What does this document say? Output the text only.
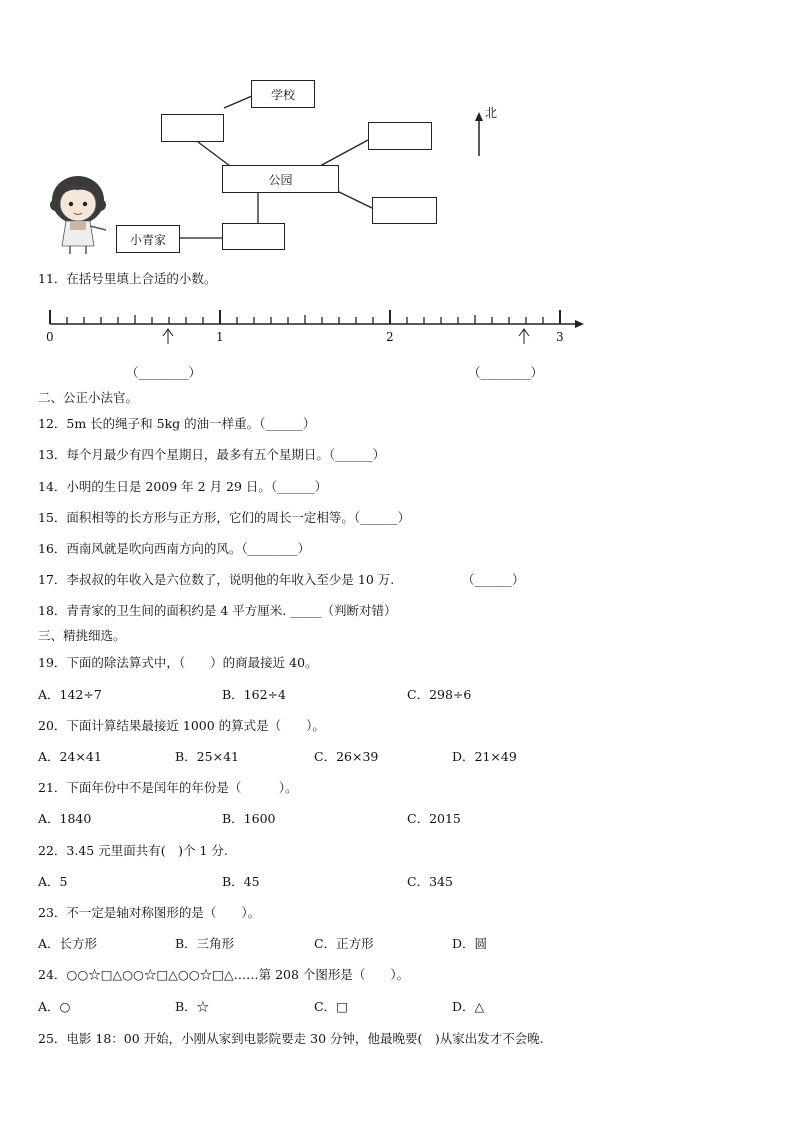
学校
公园
小青家
北
11．在括号里填上合适的小数。
0	1	2	3
（________）	（________）
二、公正小法官。
12．5m 长的绳子和 5kg 的油一样重。（______）
13．每个月最少有四个星期日，最多有五个星期日。（______）
14．小明的生日是 2009 年 2 月 29 日。（______）
15．面积相等的长方形与正方形，它们的周长一定相等。（______）
16．西南风就是吹向西南方向的风。（________）
17．李叔叔的年收入是六位数了，说明他的年收入至少是 10 万.	（______）
18．青青家的卫生间的面积约是 4 平方厘米. _____（判断对错）
三、精挑细选。
19．下面的除法算式中，（　　）的商最接近 40。
A．142÷7	B．162÷4	C．298÷6
20．下面计算结果最接近 1000 的算式是（　　）。
A．24×41	B．25×41	C．26×39	D．21×49
21．下面年份中不是闰年的年份是（　　　）。
A．1840	B．1600	C．2015
22．3.45 元里面共有(　)个 1 分.
A．5	B．45	C．345
23．不一定是轴对称图形的是（　　）。
A．长方形	B．三角形	C．正方形	D．圆
24．○○☆□△○○☆□△○○☆□△……第 208 个图形是（　　）。
A．○	B．☆	C．□	D．△
25．电影 18：00 开始，小刚从家到电影院要走 30 分钟，他最晚要(　)从家出发才不会晚.
